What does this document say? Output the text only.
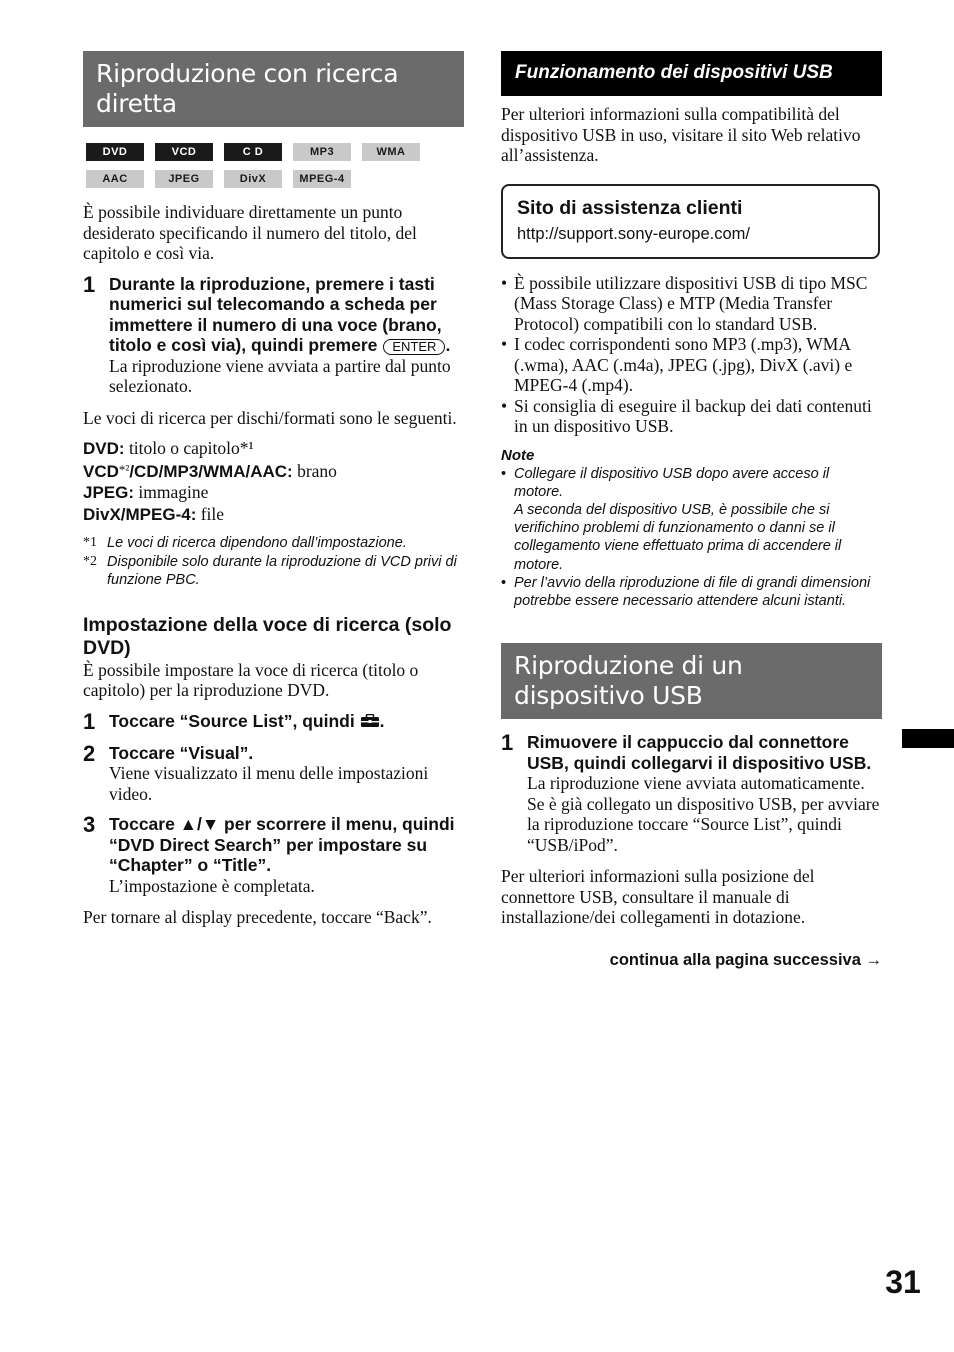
Riproduzione con ricerca diretta
DVD	VCD	C D	MP3	WMA
AAC	JPEG	DivX	MPEG-4

È possibile individuare direttamente un punto desiderato specificando il numero del titolo, del capitolo e così via.

1 Durante la riproduzione, premere i tasti numerici sul telecomando a scheda per immettere il numero di una voce (brano, titolo e così via), quindi premere ENTER .
La riproduzione viene avviata a partire dal punto selezionato.

Le voci di ricerca per dischi/formati sono le seguenti.

DVD: titolo o capitolo*¹
VCD*²/CD/MP3/WMA/AAC: brano
JPEG: immagine
DivX/MPEG-4: file
*1 Le voci di ricerca dipendono dall’impostazione.
*2 Disponibile solo durante la riproduzione di VCD privi di funzione PBC.
Impostazione della voce di ricerca (solo DVD)

È possibile impostare la voce di ricerca (titolo o capitolo) per la riproduzione DVD.

1 Toccare “Source List”, quindi .
2 Toccare “Visual”.
Viene visualizzato il menu delle impostazioni video.
3 Toccare ▲/▼ per scorrere il menu, quindi “DVD Direct Search” per impostare su “Chapter” o “Title”.
L’impostazione è completata.

Per tornare al display precedente, toccare “Back”.

Funzionamento dei dispositivi USB

Per ulteriori informazioni sulla compatibilità del dispositivo USB in uso, visitare il sito Web relativo all’assistenza.

Sito di assistenza clienti
http://support.sony-europe.com/
• È possibile utilizzare dispositivi USB di tipo MSC (Mass Storage Class) e MTP (Media Transfer Protocol) compatibili con lo standard USB.
• I codec corrispondenti sono MP3 (.mp3), WMA (.wma), AAC (.m4a), JPEG (.jpg), DivX (.avi) e MPEG-4 (.mp4).
• Si consiglia di eseguire il backup dei dati contenuti in un dispositivo USB.
Note
• Collegare il dispositivo USB dopo avere acceso il motore.
A seconda del dispositivo USB, è possibile che si verifichino problemi di funzionamento o danni se il collegamento viene effettuato prima di accendere il motore.
• Per l’avvio della riproduzione di file di grandi dimensioni potrebbe essere necessario attendere alcuni istanti.
Riproduzione di un dispositivo USB
1 Rimuovere il cappuccio dal connettore USB, quindi collegarvi il dispositivo USB.
La riproduzione viene avviata automaticamente.
Se è già collegato un dispositivo USB, per avviare la riproduzione toccare “Source List”, quindi “USB/iPod”.

Per ulteriori informazioni sulla posizione del connettore USB, consultare il manuale di installazione/dei collegamenti in dotazione.

continua alla pagina successiva →
31
